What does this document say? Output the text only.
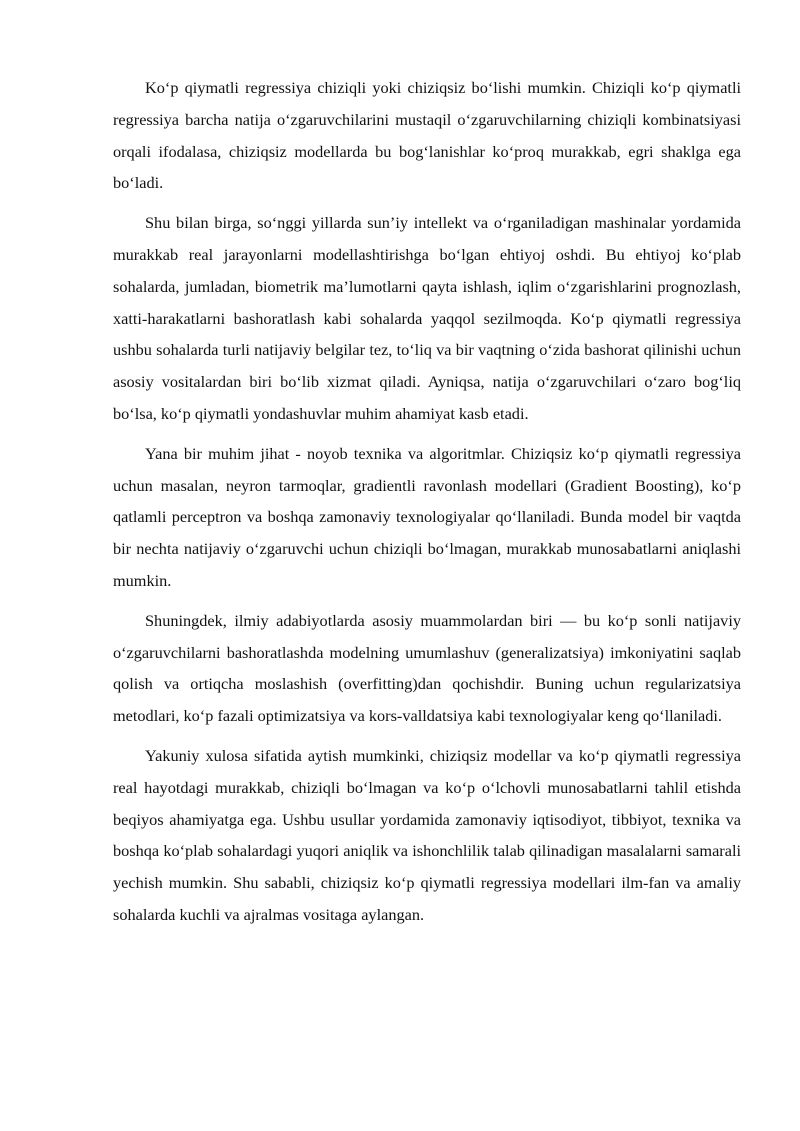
Ko‘p qiymatli regressiya chiziqli yoki chiziqsiz bo‘lishi mumkin. Chiziqli ko‘p qiymatli regressiya barcha natija o‘zgaruvchilarini mustaqil o‘zgaruvchilarning chiziqli kombinatsiyasi orqali ifodalasa, chiziqsiz modellarda bu bog‘lanishlar ko‘proq murakkab, egri shaklga ega bo‘ladi.

Shu bilan birga, so‘nggi yillarda sun’iy intellekt va o‘rganiladigan mashinalar yordamida murakkab real jarayonlarni modellashtirishga bo‘lgan ehtiyoj oshdi. Bu ehtiyoj ko‘plab sohalarda, jumladan, biometrik ma’lumotlarni qayta ishlash, iqlim o‘zgarishlarini prognozlash, xatti-harakatlarni bashoratlash kabi sohalarda yaqqol sezilmoqda. Ko‘p qiymatli regressiya ushbu sohalarda turli natijaviy belgilar tez, to‘liq va bir vaqtning o‘zida bashorat qilinishi uchun asosiy vositalardan biri bo‘lib xizmat qiladi. Ayniqsa, natija o‘zgaruvchilari o‘zaro bog‘liq bo‘lsa, ko‘p qiymatli yondashuvlar muhim ahamiyat kasb etadi.

Yana bir muhim jihat - noyob texnika va algoritmlar. Chiziqsiz ko‘p qiymatli regressiya uchun masalan, neyron tarmoqlar, gradientli ravonlash modellari (Gradient Boosting), ko‘p qatlamli perceptron va boshqa zamonaviy texnologiyalar qo‘llaniladi. Bunda model bir vaqtda bir nechta natijaviy o‘zgaruvchi uchun chiziqli bo‘lmagan, murakkab munosabatlarni aniqlashi mumkin.

Shuningdek, ilmiy adabiyotlarda asosiy muammolardan biri — bu ko‘p sonli natijaviy o‘zgaruvchilarni bashoratlashda modelning umumlashuv (generalizatsiya) imkoniyatini saqlab qolish va ortiqcha moslashish (overfitting)dan qochishdir. Buning uchun regularizatsiya metodlari, ko‘p fazali optimizatsiya va kors-valldatsiya kabi texnologiyalar keng qo‘llaniladi.

Yakuniy xulosa sifatida aytish mumkinki, chiziqsiz modellar va ko‘p qiymatli regressiya real hayotdagi murakkab, chiziqli bo‘lmagan va ko‘p o‘lchovli munosabatlarni tahlil etishda beqiyos ahamiyatga ega. Ushbu usullar yordamida zamonaviy iqtisodiyot, tibbiyot, texnika va boshqa ko‘plab sohalardagi yuqori aniqlik va ishonchlilik talab qilinadigan masalalarni samarali yechish mumkin. Shu sababli, chiziqsiz ko‘p qiymatli regressiya modellari ilm-fan va amaliy sohalarda kuchli va ajralmas vositaga aylangan.
